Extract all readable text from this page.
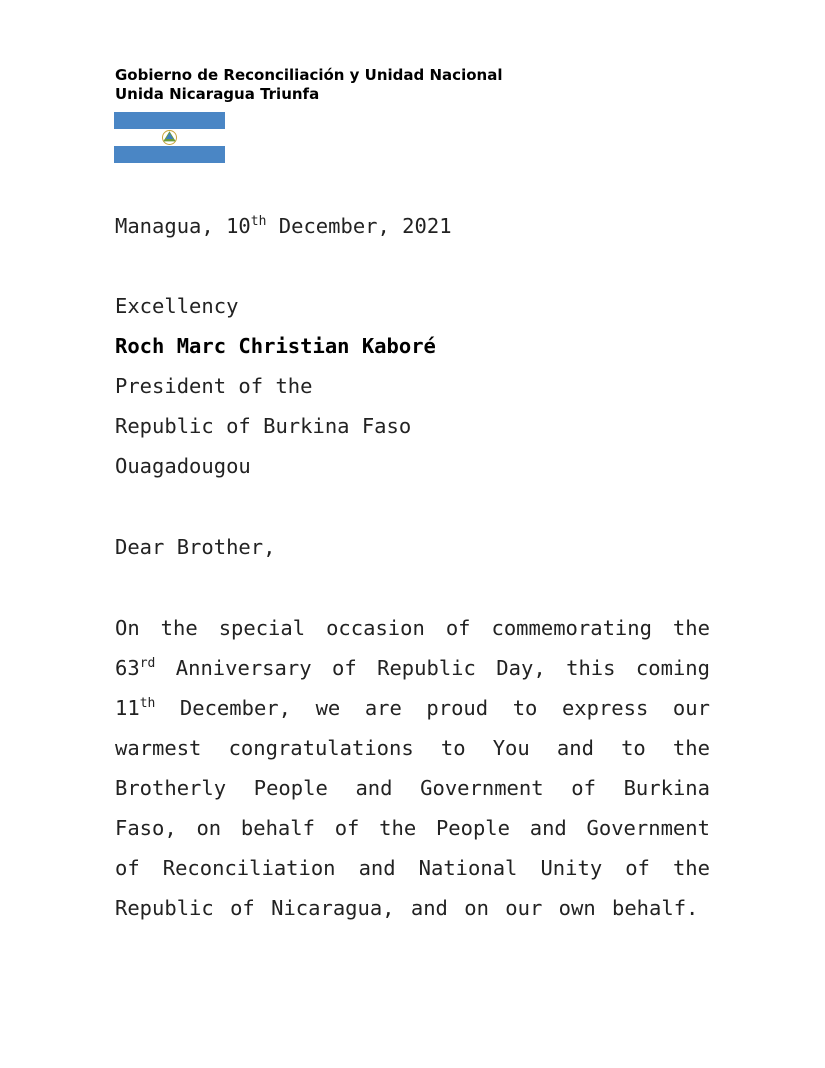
Gobierno de Reconciliación y Unidad Nacional
Unida Nicaragua Triunfa
Managua, 10th December, 2021
Excellency
Roch Marc Christian Kaboré
President of the
Republic of Burkina Faso
Ouagadougou
Dear Brother,
On the special occasion of commemorating the
63rd Anniversary of Republic Day, this coming
11th December, we are proud to express our
warmest congratulations to You and to the
Brotherly People and Government of Burkina
Faso, on behalf of the People and Government
of Reconciliation and National Unity of the
Republic of Nicaragua, and on our own behalf.
